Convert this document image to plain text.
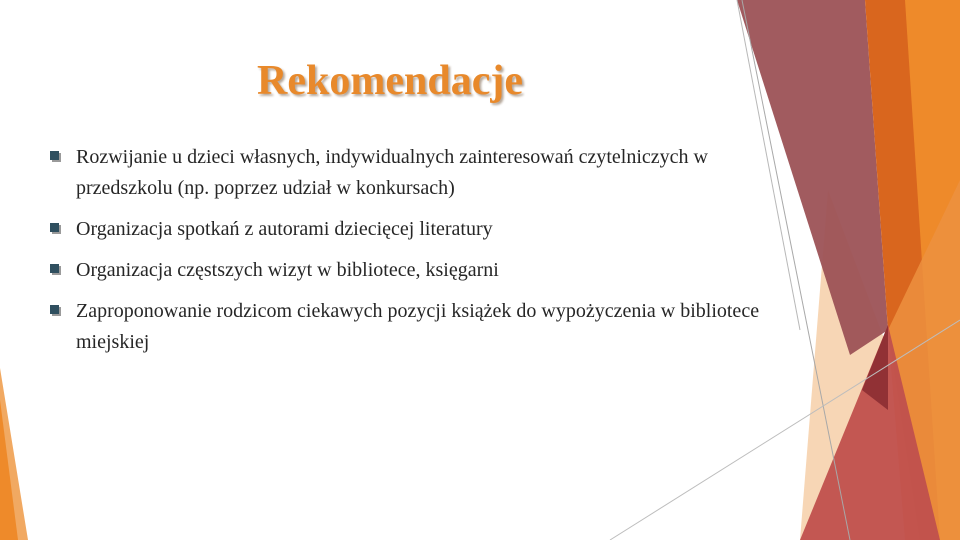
Rekomendacje
Rozwijanie u dzieci własnych, indywidualnych zainteresowań czytelniczych w przedszkolu (np. poprzez udział w konkursach)
Organizacja spotkań z autorami dziecięcej literatury
Organizacja częstszych wizyt w bibliotece, księgarni
Zaproponowanie rodzicom ciekawych pozycji książek do wypożyczenia w bibliotece miejskiej
